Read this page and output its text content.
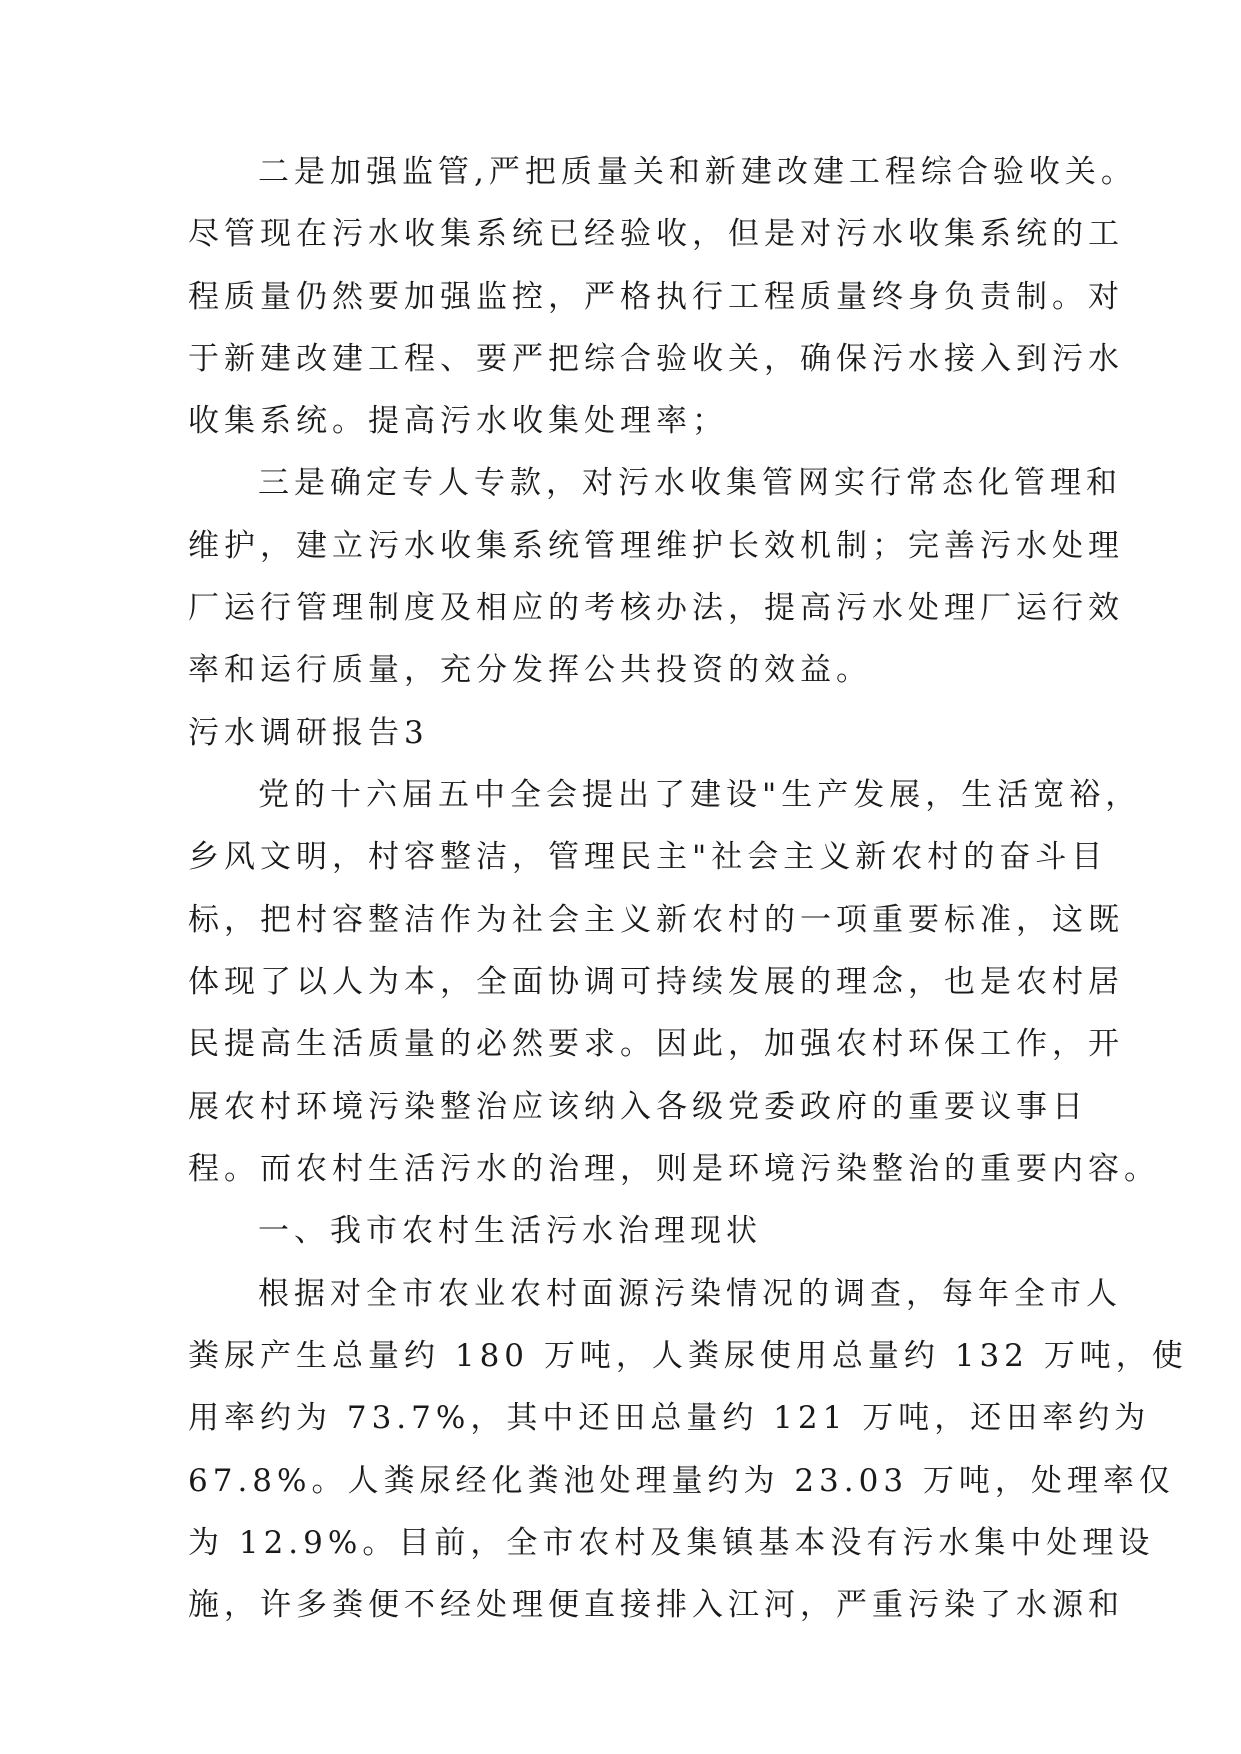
二是加强监管,严把质量关和新建改建工程综合验收关。
尽管现在污水收集系统已经验收，但是对污水收集系统的工
程质量仍然要加强监控，严格执行工程质量终身负责制。对
于新建改建工程、要严把综合验收关，确保污水接入到污水
收集系统。提高污水收集处理率；
三是确定专人专款，对污水收集管网实行常态化管理和
维护，建立污水收集系统管理维护长效机制；完善污水处理
厂运行管理制度及相应的考核办法，提高污水处理厂运行效
率和运行质量，充分发挥公共投资的效益。
污水调研报告3
党的十六届五中全会提出了建设"生产发展，生活宽裕，
乡风文明，村容整洁，管理民主"社会主义新农村的奋斗目
标，把村容整洁作为社会主义新农村的一项重要标准，这既
体现了以人为本，全面协调可持续发展的理念，也是农村居
民提高生活质量的必然要求。因此，加强农村环保工作，开
展农村环境污染整治应该纳入各级党委政府的重要议事日
程。而农村生活污水的治理，则是环境污染整治的重要内容。
一、我市农村生活污水治理现状
根据对全市农业农村面源污染情况的调查，每年全市人
粪尿产生总量约 180 万吨，人粪尿使用总量约 132 万吨，使
用率约为 73.7%，其中还田总量约 121 万吨，还田率约为
67.8%。人粪尿经化粪池处理量约为 23.03 万吨，处理率仅
为 12.9%。目前，全市农村及集镇基本没有污水集中处理设
施，许多粪便不经处理便直接排入江河，严重污染了水源和
